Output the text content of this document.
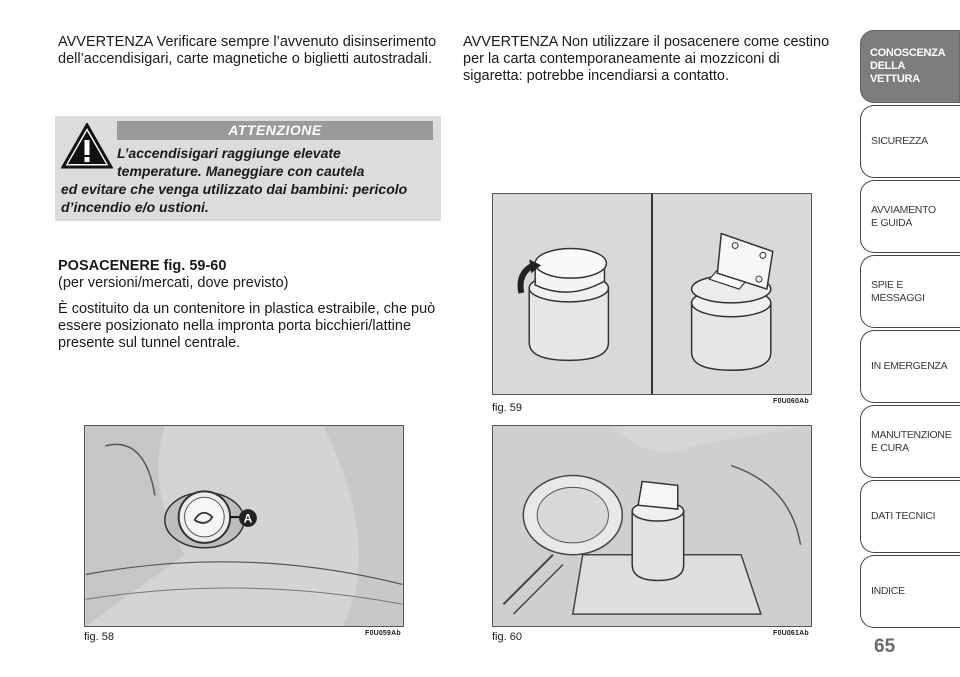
AVVERTENZA Verificare sempre l’avvenuto disinserimento dell’accendisigari, carte magnetiche o biglietti autostradali.

AVVERTENZA Non utilizzare il posacenere come cestino per la carta contemporaneamente ai mozziconi di sigaretta: potrebbe incendiarsi a contatto.

ATTENZIONE
L’accendisigari raggiunge elevate
temperature. Maneggiare con cautela
ed evitare che venga utilizzato dai bambini: pericolo d’incendio e/o ustioni.
POSACENERE fig. 59-60
(per versioni/mercati, dove previsto)
È costituito da un contenitore in plastica estraibile, che può essere posizionato nella impronta porta bicchieri/lattine presente sul tunnel centrale.
fig. 59
F0U060Ab
A
fig. 58	F0U059Ab	fig. 60	F0U061Ab
CONOSCENZA
DELLA
VETTURA
SICUREZZA
AVVIAMENTO
E GUIDA
SPIE E
MESSAGGI
IN EMERGENZA
MANUTENZIONE
E CURA
DATI TECNICI
INDICE
65
